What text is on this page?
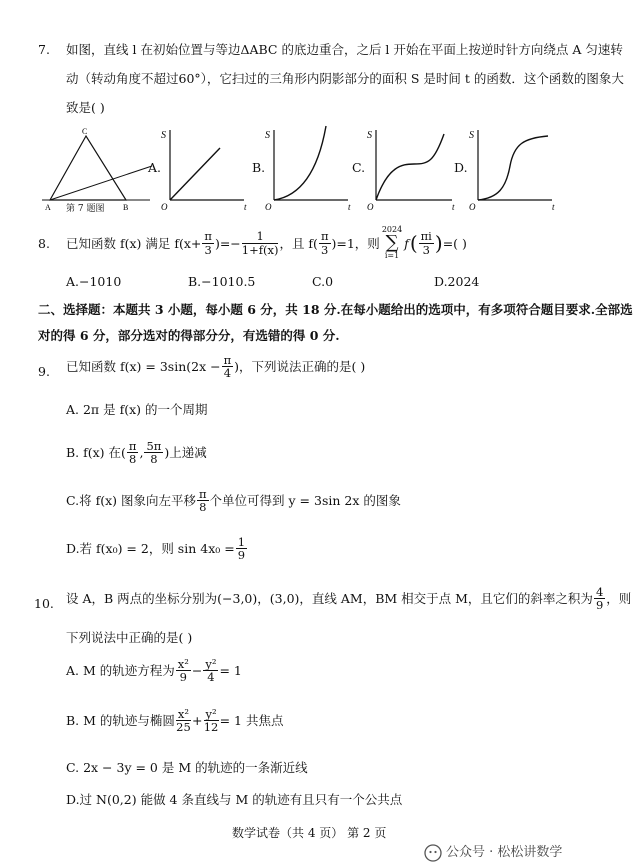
7. 如图，直线 l 在初始位置与等边ΔABC 的底边重合，之后 l 开始在平面上按逆时针方向绕点 A 匀速转
动（转动角度不超过60°），它扫过的三角形内阴影部分的面积 S 是时间 t 的函数．这个函数的图象大
致是( )
C
A	B
第 7 题图
A.
S
O	t
B.
S
O	t
C.
S
O	t
D.
S
O	t
8. 已知函数 f(x) 满足 $f(x+ \frac{\pi}{3}$ )=− $\frac{1}{1+f(x)}$ ，且 $f( \frac{\pi}{3} )=1$，则
2024
∑
i=1
f ( $\frac{\pi i}{3}$ ) =( )
A.−1010	B.−1010.5	C.0	D.2024
二、选择题：本题共 3 小题，每小题 6 分，共 18 分.在每小题给出的选项中，有多项符合题目要求.全部选
对的得 6 分，部分选对的得部分分，有选错的得 0 分.
9. 已知函数 $f(x) = 3\sin(2x - \frac{\pi}{4}$ )，下列说法正确的是( )
A. 2π 是 f(x) 的一个周期
B. f(x) 在( $\frac{\pi}{8}$ , $\frac{5\pi}{8}$ )上递减
C.将 f(x) 图象向左平移 $\frac{\pi}{8}$ 个单位可得到 y = 3sin 2x 的图象
D.若 f(x₀) = 2，则 $\sin 4x_0 = \frac{1}{9}$
10. 设 A，B 两点的坐标分别为(−3,0)，(3,0)，直线 AM，BM 相交于点 M，且它们的斜率之积为 $\frac{4}{9}$ ，则
下列说法中正确的是( )
A. M 的轨迹方程为 $\frac{\text{x²}}{9} - \frac{\text{y²}}{4} = 1$
B. M 的轨迹与椭圆 $\frac{\text{x²}}{25} + \frac{\text{y²}}{12} = 1$ 共焦点
C. 2x − 3y = 0 是 M 的轨迹的一条渐近线
D.过 N(0,2) 能做 4 条直线与 M 的轨迹有且只有一个公共点
数学试卷（共 4 页） 第 2 页
公众号 · 松松讲数学
